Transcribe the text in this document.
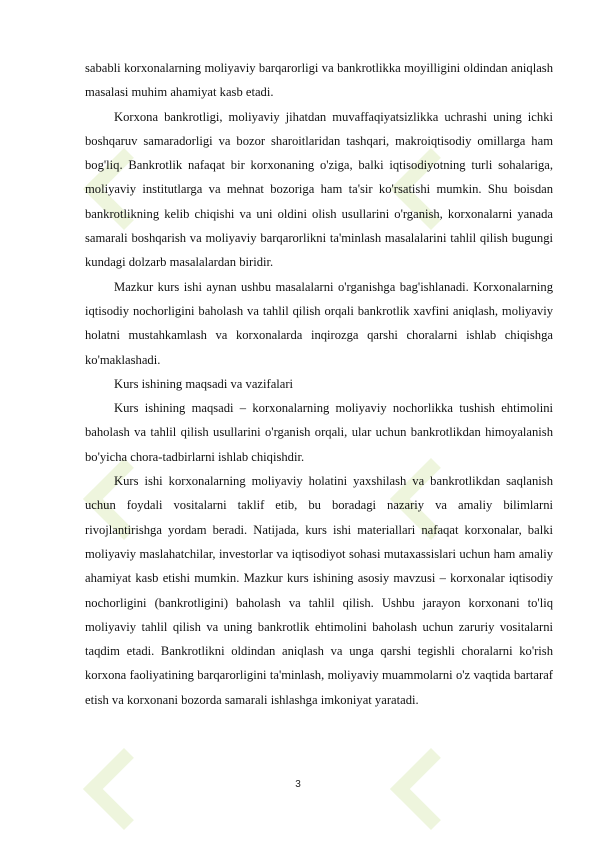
sababli korxonalarning moliyaviy barqarorligi va bankrotlikka moyilligini oldindan aniqlash masalasi muhim ahamiyat kasb etadi.

Korxona bankrotligi, moliyaviy jihatdan muvaffaqiyatsizlikka uchrashi uning ichki boshqaruv samaradorligi va bozor sharoitlaridan tashqari, makroiqtisodiy omillarga ham bog'liq. Bankrotlik nafaqat bir korxonaning o'ziga, balki iqtisodiyotning turli sohalariga, moliyaviy institutlarga va mehnat bozoriga ham ta'sir ko'rsatishi mumkin. Shu boisdan bankrotlikning kelib chiqishi va uni oldini olish usullarini o'rganish, korxonalarni yanada samarali boshqarish va moliyaviy barqarorlikni ta'minlash masalalarini tahlil qilish bugungi kundagi dolzarb masalalardan biridir.

Mazkur kurs ishi aynan ushbu masalalarni o'rganishga bag'ishlanadi. Korxonalarning iqtisodiy nochorligini baholash va tahlil qilish orqali bankrotlik xavfini aniqlash, moliyaviy holatni mustahkamlash va korxonalarda inqirozga qarshi choralarni ishlab chiqishga ko'maklashadi.

Kurs ishining maqsadi va vazifalari

Kurs ishining maqsadi – korxonalarning moliyaviy nochorlikka tushish ehtimolini baholash va tahlil qilish usullarini o'rganish orqali, ular uchun bankrotlikdan himoyalanish bo'yicha chora-tadbirlarni ishlab chiqishdir.

Kurs ishi korxonalarning moliyaviy holatini yaxshilash va bankrotlikdan saqlanish uchun foydali vositalarni taklif etib, bu boradagi nazariy va amaliy bilimlarni rivojlantirishga yordam beradi. Natijada, kurs ishi materiallari nafaqat korxonalar, balki moliyaviy maslahatchilar, investorlar va iqtisodiyot sohasi mutaxassislari uchun ham amaliy ahamiyat kasb etishi mumkin. Mazkur kurs ishining asosiy mavzusi – korxonalar iqtisodiy nochorligini (bankrotligini) baholash va tahlil qilish. Ushbu jarayon korxonani to'liq moliyaviy tahlil qilish va uning bankrotlik ehtimolini baholash uchun zaruriy vositalarni taqdim etadi. Bankrotlikni oldindan aniqlash va unga qarshi tegishli choralarni ko'rish korxona faoliyatining barqarorligini ta'minlash, moliyaviy muammolarni o'z vaqtida bartaraf etish va korxonani bozorda samarali ishlashga imkoniyat yaratadi.

3
